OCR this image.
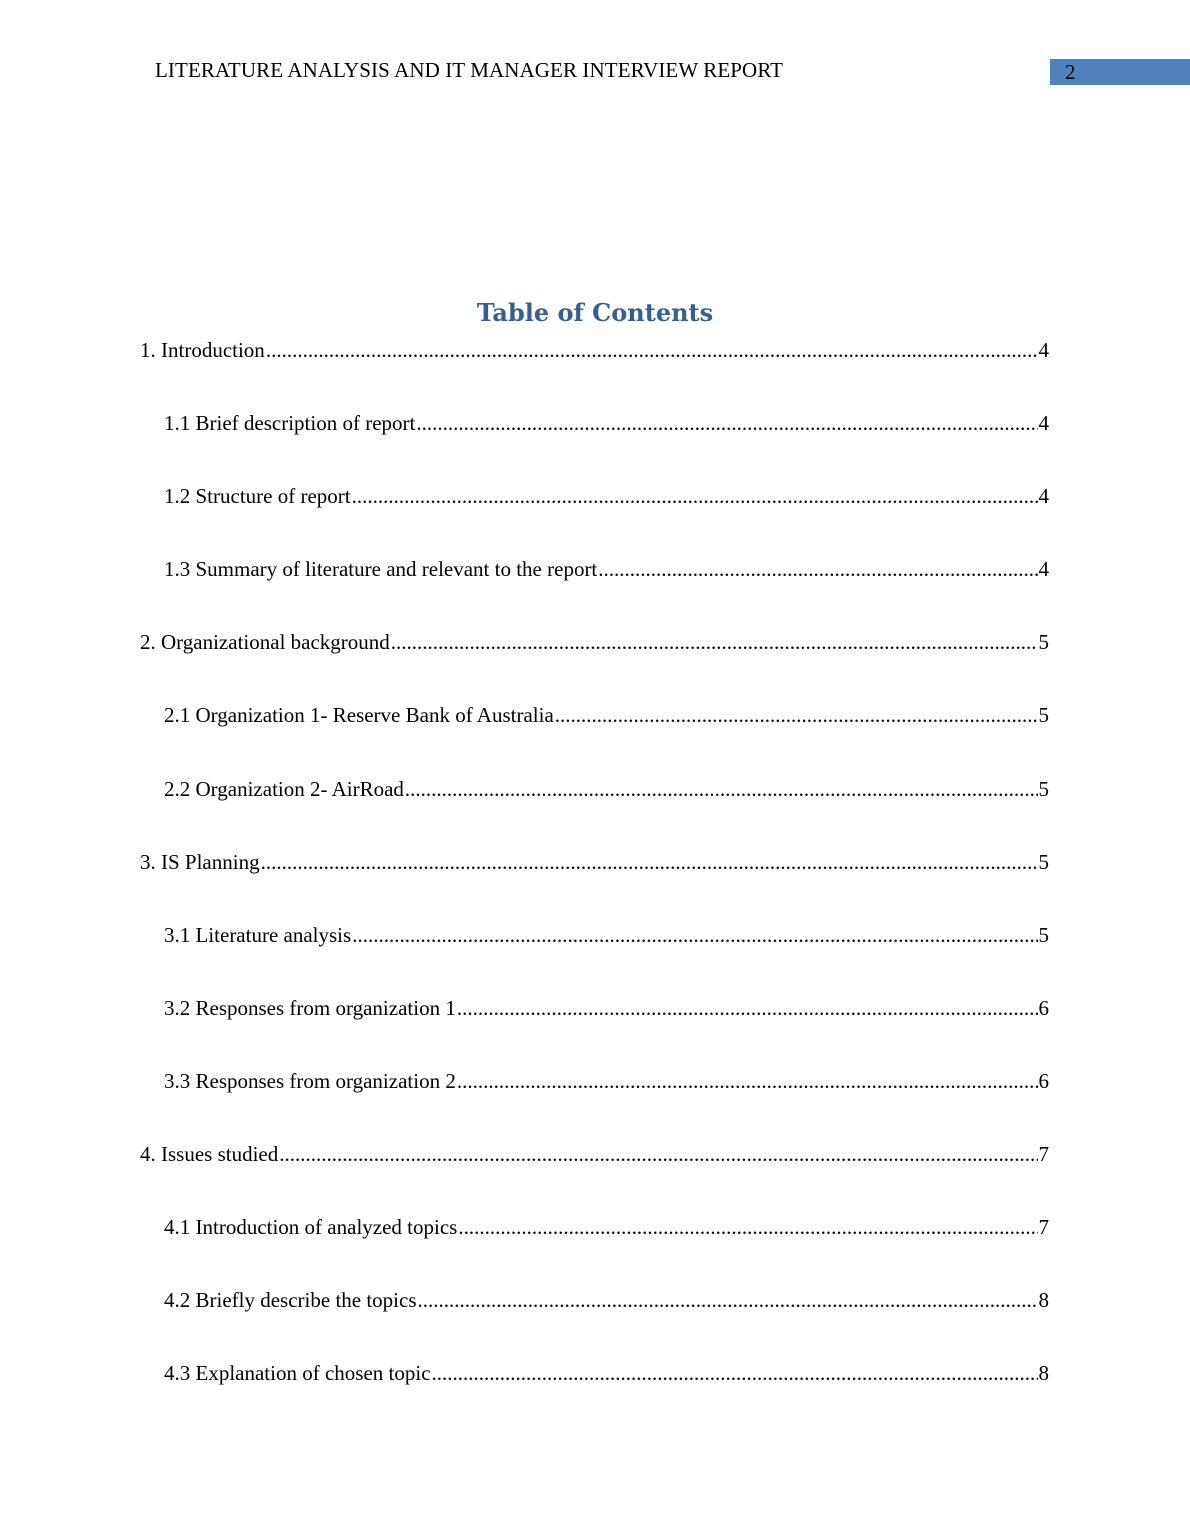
LITERATURE ANALYSIS AND IT MANAGER INTERVIEW REPORT	2
Table of Contents
1. Introduction .....	4
1.1 Brief description of report .....	4
1.2 Structure of report .....	4
1.3 Summary of literature and relevant to the report .....	4
2. Organizational background .....	5
2.1 Organization 1- Reserve Bank of Australia .....	5
2.2 Organization 2- AirRoad .....	5
3. IS Planning .....	5
3.1 Literature analysis .....	5
3.2 Responses from organization 1 .....	6
3.3 Responses from organization 2 .....	6
4. Issues studied .....	7
4.1 Introduction of analyzed topics .....	7
4.2 Briefly describe the topics .....	8
4.3 Explanation of chosen topic .....	8
